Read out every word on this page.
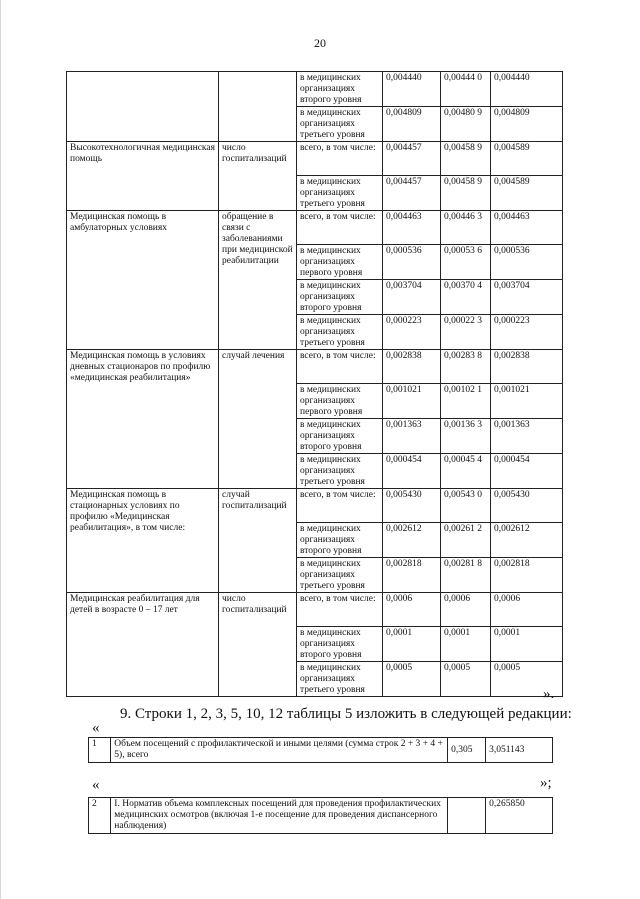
20
		в медицинских организациях второго уровня	0,004440	0,00444 0	0,004440
		в медицинских организациях третьего уровня	0,004809	0,00480 9	0,004809
Высокотехнологичная медицинская помощь	число госпитализаций	всего, в том числе:	0,004457	0,00458 9	0,004589
		в медицинских организациях третьего уровня	0,004457	0,00458 9	0,004589
Медицинская помощь в амбулаторных условиях	обращение в связи с заболеваниями при медицинской реабилитации	всего, в том числе:	0,004463	0,00446 3	0,004463
		в медицинских организациях первого уровня	0,000536	0,00053 6	0,000536
		в медицинских организациях второго уровня	0,003704	0,00370 4	0,003704
		в медицинских организациях третьего уровня	0,000223	0,00022 3	0,000223
Медицинская помощь в условиях дневных стационаров по профилю «медицинская реабилитация»	случай лечения	всего, в том числе:	0,002838	0,00283 8	0,002838
		в медицинских организациях первого уровня	0,001021	0,00102 1	0,001021
		в медицинских организациях второго уровня	0,001363	0,00136 3	0,001363
		в медицинских организациях третьего уровня	0,000454	0,00045 4	0,000454
Медицинская помощь в стационарных условиях по профилю «Медицинская реабилитация», в том числе:	случай госпитализаций	всего, в том числе:	0,005430	0,00543 0	0,005430
		в медицинских организациях второго уровня	0,002612	0,00261 2	0,002612
		в медицинских организациях третьего уровня	0,002818	0,00281 8	0,002818
Медицинская реабилитация для детей в возрасте 0 – 17 лет	число госпитализаций	всего, в том числе:	0,0006	0,0006	0,0006
		в медицинских организациях второго уровня	0,0001	0,0001	0,0001
		в медицинских организациях третьего уровня	0,0005	0,0005	0,0005
».
9. Строки 1, 2, 3, 5, 10, 12 таблицы 5 изложить в следующей редакции:
«
1	Объем посещений с профилактической и иными целями (сумма строк 2 + 3 + 4 + 5), всего	0,305	3,051143
»;
«
2	I. Норматив объема комплексных посещений для проведения профилактических медицинских осмотров (включая 1-е посещение для проведения диспансерного наблюдения)		0,265850
